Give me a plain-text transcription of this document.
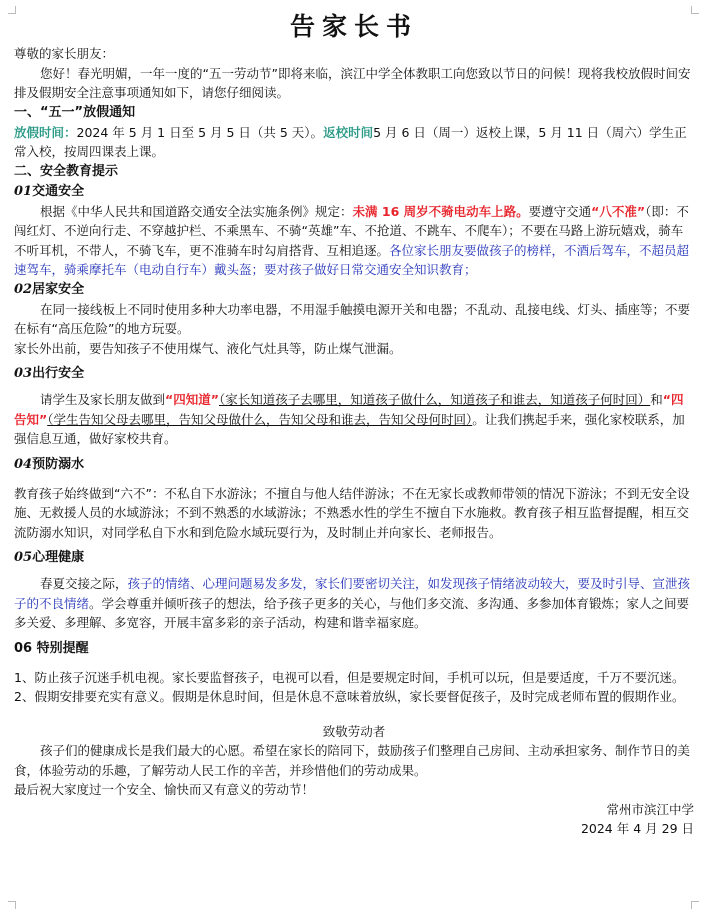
告家长书

尊敬的家长朋友：

您好！春光明媚，一年一度的“五一劳动节”即将来临，滨江中学全体教职工向您致以节日的问候！现将我校放假时间安排及假期安全注意事项通知如下，请您仔细阅读。

一、“五一”放假通知

放假时间：2024 年 5 月 1 日至 5 月 5 日（共 5 天）。返校时间5 月 6 日（周一）返校上课，5 月 11 日（周六）学生正常入校，按周四课表上课。

二、安全教育提示

01交通安全

根据《中华人民共和国道路交通安全法实施条例》规定：未满 16 周岁不骑电动车上路。要遵守交通“八不准”（即：不闯红灯、不逆向行走、不穿越护栏、不乘黑车、不骑“英雄”车、不抢道、不跳车、不爬车）；不要在马路上游玩嬉戏，骑车不听耳机，不带人，不骑飞车，更不准骑车时勾肩搭背、互相追逐。各位家长朋友要做孩子的榜样，不酒后驾车，不超员超速驾车，骑乘摩托车（电动自行车）戴头盔；要对孩子做好日常交通安全知识教育；

02居家安全

在同一接线板上不同时使用多种大功率电器，不用湿手触摸电源开关和电器；不乱动、乱接电线、灯头、插座等；不要在标有“高压危险”的地方玩耍。

家长外出前，要告知孩子不使用煤气、液化气灶具等，防止煤气泄漏。

03出行安全

请学生及家长朋友做到“四知道”（家长知道孩子去哪里，知道孩子做什么，知道孩子和谁去，知道孩子何时回）和“四告知”（学生告知父母去哪里，告知父母做什么，告知父母和谁去，告知父母何时回）。让我们携起手来，强化家校联系，加强信息互通，做好家校共育。

04预防溺水

教育孩子始终做到“六不”：不私自下水游泳；不擅自与他人结伴游泳；不在无家长或教师带领的情况下游泳；不到无安全设施、无救援人员的水域游泳；不到不熟悉的水域游泳；不熟悉水性的学生不擅自下水施救。教育孩子相互监督提醒，相互交流防溺水知识，对同学私自下水和到危险水域玩耍行为，及时制止并向家长、老师报告。

05心理健康

春夏交接之际，孩子的情绪、心理问题易发多发，家长们要密切关注，如发现孩子情绪波动较大，要及时引导、宣泄孩子的不良情绪。学会尊重并倾听孩子的想法，给予孩子更多的关心，与他们多交流、多沟通、多参加体育锻炼；家人之间要多关爱、多理解、多宽容，开展丰富多彩的亲子活动，构建和谐幸福家庭。

06 特别提醒

1、防止孩子沉迷手机电视。家长要监督孩子，电视可以看，但是要规定时间，手机可以玩，但是要适度，千万不要沉迷。

2、假期安排要充实有意义。假期是休息时间，但是休息不意味着放纵，家长要督促孩子，及时完成老师布置的假期作业。

致敬劳动者

孩子们的健康成长是我们最大的心愿。希望在家长的陪同下，鼓励孩子们整理自己房间、主动承担家务、制作节日的美食，体验劳动的乐趣，了解劳动人民工作的辛苦，并珍惜他们的劳动成果。

最后祝大家度过一个安全、愉快而又有意义的劳动节！

常州市滨江中学

2024 年 4 月 29 日
